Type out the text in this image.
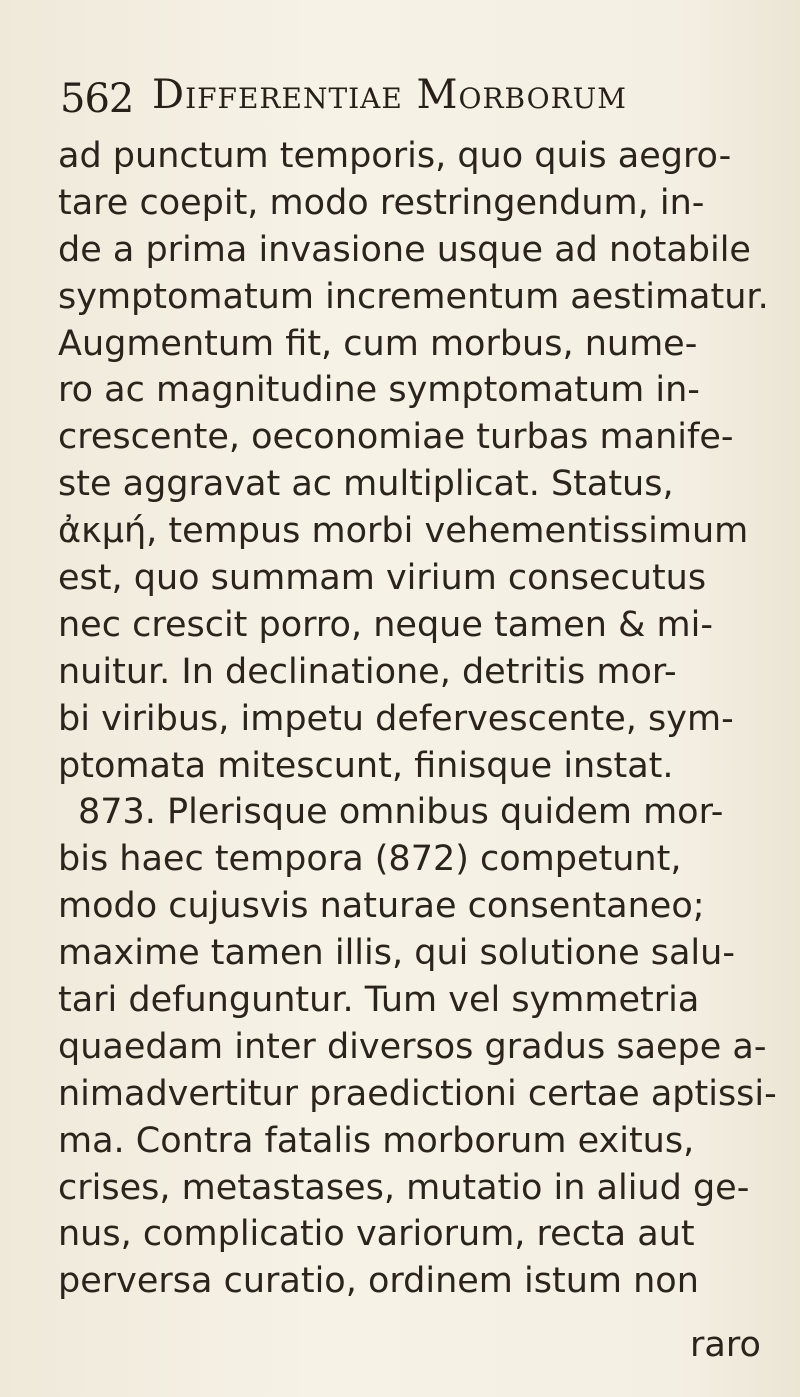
562 Differentiae Morborum
ad punctum temporis, quo quis aegro-
tare coepit, modo restringendum, in-
de a prima invasione usque ad notabile
symptomatum incrementum aestimatur.
Augmentum fit, cum morbus, nume-
ro ac magnitudine symptomatum in-
crescente, oeconomiae turbas manife-
ste aggravat ac multiplicat. Status,
ἀκμή, tempus morbi vehementissimum
est, quo summam virium consecutus
nec crescit porro, neque tamen & mi-
nuitur. In declinatione, detritis mor-
bi viribus, impetu defervescente, sym-
ptomata mitescunt, finisque instat.
873. Plerisque omnibus quidem mor-
bis haec tempora (872) competunt,
modo cujusvis naturae consentaneo;
maxime tamen illis, qui solutione salu-
tari defunguntur. Tum vel symmetria
quaedam inter diversos gradus saepe a-
nimadvertitur praedictioni certae aptissi-
ma. Contra fatalis morborum exitus,
crises, metastases, mutatio in aliud ge-
nus, complicatio variorum, recta aut
perversa curatio, ordinem istum non
raro
